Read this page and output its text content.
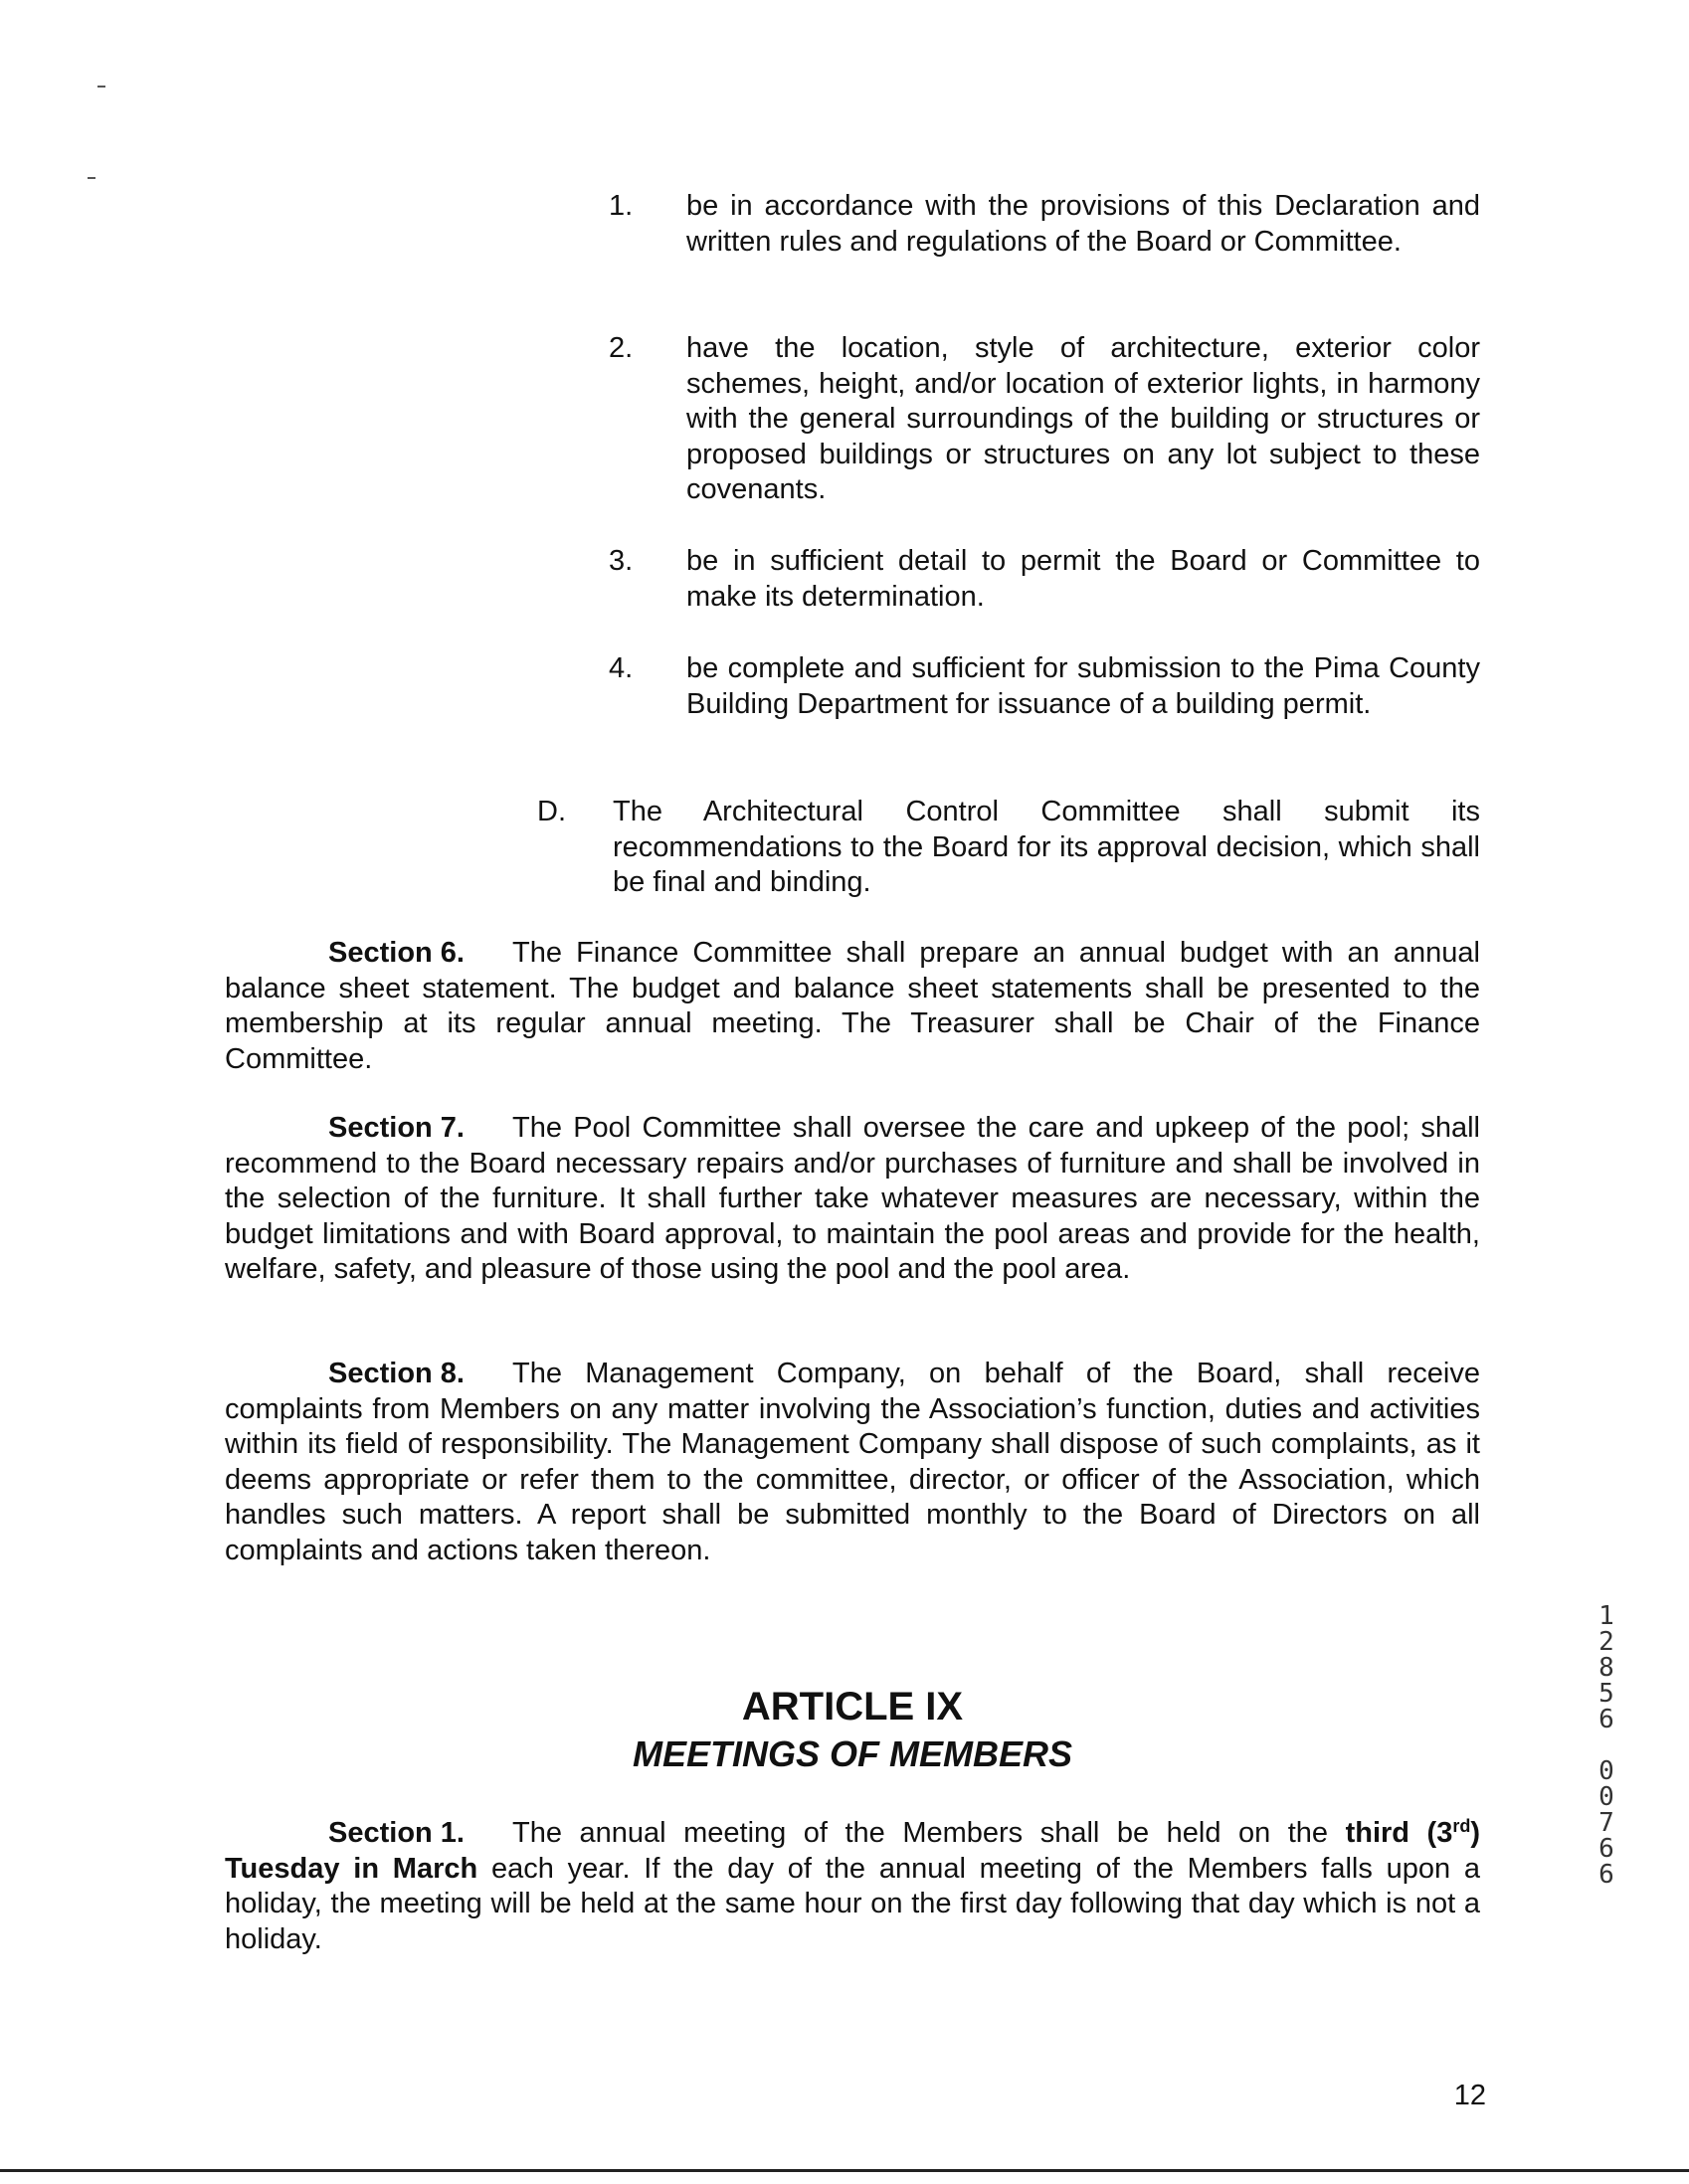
1.	be in accordance with the provisions of this Declaration and written rules and regulations of the Board or Committee.
2.	have the location, style of architecture, exterior color schemes, height, and/or location of exterior lights, in harmony with the general surroundings of the building or structures or proposed buildings or structures on any lot subject to these covenants.
3.	be in sufficient detail to permit the Board or Committee to make its determination.
4.	be complete and sufficient for submission to the Pima County Building Department for issuance of a building permit.
D. The Architectural Control Committee shall submit its recommendations to the Board for its approval decision, which shall be final and binding.
Section 6. The Finance Committee shall prepare an annual budget with an annual balance sheet statement. The budget and balance sheet statements shall be presented to the membership at its regular annual meeting. The Treasurer shall be Chair of the Finance Committee.
Section 7. The Pool Committee shall oversee the care and upkeep of the pool; shall recommend to the Board necessary repairs and/or purchases of furniture and shall be involved in the selection of the furniture. It shall further take whatever measures are necessary, within the budget limitations and with Board approval, to maintain the pool areas and provide for the health, welfare, safety, and pleasure of those using the pool and the pool area.
Section 8. The Management Company, on behalf of the Board, shall receive complaints from Members on any matter involving the Association’s function, duties and activities within its field of responsibility. The Management Company shall dispose of such complaints, as it deems appropriate or refer them to the committee, director, or officer of the Association, which handles such matters. A report shall be submitted monthly to the Board of Directors on all complaints and actions taken thereon.
ARTICLE IX
MEETINGS OF MEMBERS
Section 1. The annual meeting of the Members shall be held on the third (3rd) Tuesday in March each year. If the day of the annual meeting of the Members falls upon a holiday, the meeting will be held at the same hour on the first day following that day which is not a holiday.
1
2
8
5
6
0
0
7
6
6
12
